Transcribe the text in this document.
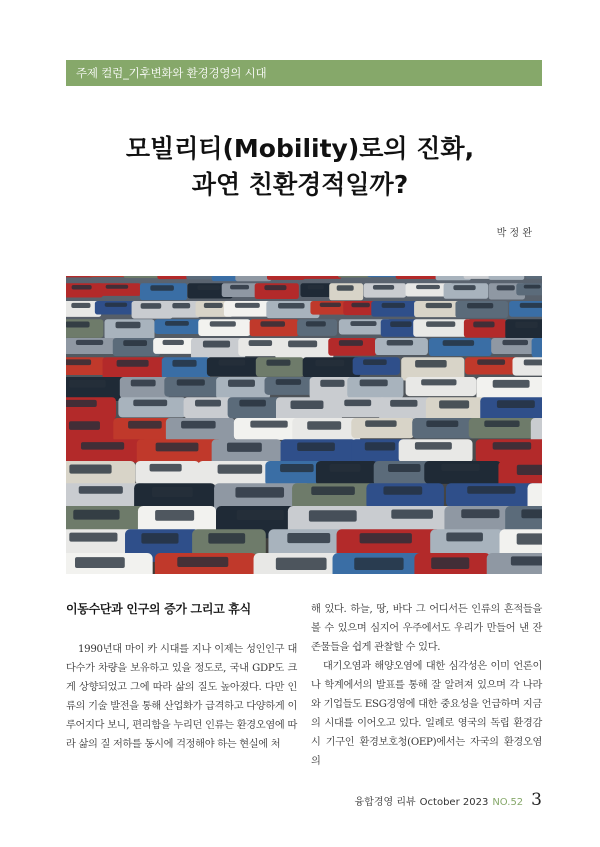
주제 컬럼_기후변화와 환경경영의 시대
모빌리티(Mobility)로의 진화,
과연 친환경적일까?
박 정 완
이동수단과 인구의 증가 그리고 휴식

1990년대 마이 카 시대를 지나 이제는 성인인구 대다수가 차량을 보유하고 있을 정도로, 국내 GDP도 크게 상향되었고 그에 따라 삶의 질도 높아졌다. 다만 인류의 기술 발전을 통해 산업화가 급격하고 다양하게 이루어지다 보니, 편리함을 누리던 인류는 환경오염에 따라 삶의 질 저하를 동시에 걱정해야 하는 현실에 처

해 있다. 하늘, 땅, 바다 그 어디서든 인류의 흔적들을 볼 수 있으며 심지어 우주에서도 우리가 만들어 낸 잔존물들을 쉽게 관찰할 수 있다.

대기오염과 해양오염에 대한 심각성은 이미 언론이나 학계에서의 발표를 통해 잘 알려져 있으며 각 나라와 기업들도 ESG경영에 대한 중요성을 언급하며 지금의 시대를 이어오고 있다. 일례로 영국의 독립 환경감시 기구인 환경보호청(OEP)에서는 자국의 환경오염의

융합경영 리뷰 October 2023 NO.52 3
